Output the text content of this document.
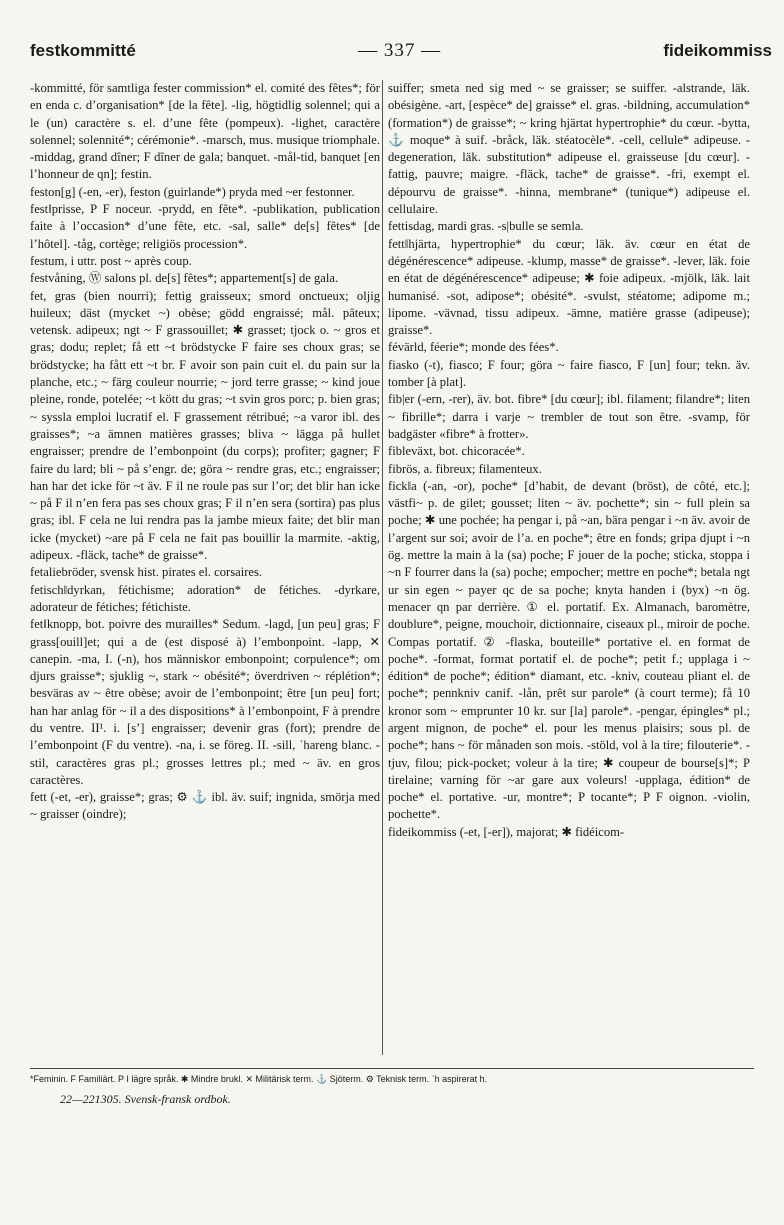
festkommitté	— 337 —	fideikommiss

-kommitté, för samtliga fester commission* el. comité des fêtes*; för en enda c. d’organisation* [de la fête]. -lig, högtidlig solennel; qui a le (un) caractère s. el. d’une fête (pompeux). -lighet, caractère solennel; solennité*; cérémonie*. -marsch, mus. musique triomphale. -middag, grand dîner; F dîner de gala; banquet. -mål-tid, banquet [en l’honneur de qn]; festin.

feston[g] (-en, -er), feston (guirlande*) pryda med ~er festonner.

fest‖prisse, P F noceur. -prydd, en fête*. -publikation, publication faite à l’occasion* d’une fête, etc. -sal, salle* de[s] fêtes* [de l’hôtel]. -tåg, cortège; religiös procession*.

festum, i uttr. post ~ après coup.

festvåning, Ⓦ salons pl. de[s] fêtes*; appartement[s] de gala.

fet, gras (bien nourri); fettig graisseux; smord onctueux; oljig huileux; däst (mycket ~) obèse; gödd engraissé; mål. pâteux; vetensk. adipeux; ngt ~ F grassouillet; ✱ grasset; tjock o. ~ gros et gras; dodu; replet; få ett ~t brödstycke F faire ses choux gras; se brödstycke; ha fått ett ~t br. F avoir son pain cuit el. du pain sur la planche, etc.; ~ färg couleur nourrie; ~ jord terre grasse; ~ kind joue pleine, ronde, potelée; ~t kött du gras; ~t svin gros porc; p. bien gras; ~ syssla emploi lucratif el. F grassement rétribué; ~a varor ibl. des graisses*; ~a ämnen matières grasses; bliva ~ lägga på hullet engraisser; prendre de l’embonpoint (du corps); profiter; gagner; F faire du lard; bli ~ på s’engr. de; göra ~ rendre gras, etc.; engraisser; han har det icke för ~t äv. F il ne roule pas sur l’or; det blir han icke ~ på F il n’en fera pas ses choux gras; F il n’en sera (sortira) pas plus gras; ibl. F cela ne lui rendra pas la jambe mieux faite; det blir man icke (mycket) ~are på F cela ne fait pas bouillir la marmite. -aktig, adipeux. -fläck, tache* de graisse*.

fetaliebröder, svensk hist. pirates el. corsaires.

fetisch‖dyrkan, fétichisme; adoration* de fétiches. -dyrkare, adorateur de fétiches; fétichiste.

fet‖knopp, bot. poivre des murailles* Sedum. -lagd, [un peu] gras; F grass[ouill]et; qui a de (est disposé à) l’embonpoint. -lapp, ✕ canepin. -ma, I. (-n), hos människor embonpoint; corpulence*; om djurs graisse*; sjuklig ~, stark ~ obésité*; överdriven ~ réplétion*; besväras av ~ être obèse; avoir de l’embonpoint; être [un peu] fort; han har anlag för ~ il a des dispositions* à l’embonpoint, F à prendre du ventre. II¹. i. [s’] engraisser; devenir gras (fort); prendre de l’embonpoint (F du ventre). -na, i. se föreg. II. -sill, ʿhareng blanc. -stil, caractères gras pl.; grosses lettres pl.; med ~ äv. en gros caractères.

fett (-et, -er), graisse*; gras; ⚙ ⚓ ibl. äv. suif; ingnida, smörja med ~ graisser (oindre);

suiffer; smeta ned sig med ~ se graisser; se suiffer. -alstrande, läk. obésigène. -art, [espèce* de] graisse* el. gras. -bildning, accumulation* (formation*) de graisse*; ~ kring hjärtat hypertrophie* du cœur. -bytta, ⚓ moque* à suif. -bråck, läk. stéatocèle*. -cell, cellule* adipeuse. -degeneration, läk. substitution* adipeuse el. graisseuse [du cœur]. -fattig, pauvre; maigre. -fläck, tache* de graisse*. -fri, exempt el. dépourvu de graisse*. -hinna, membrane* (tunique*) adipeuse el. cellulaire.

fettisdag, mardi gras. -s|bulle se semla.

fett‖hjärta, hypertrophie* du cœur; läk. äv. cœur en état de dégénérescence* adipeuse. -klump, masse* de graisse*. -lever, läk. foie en état de dégénérescence* adipeuse; ✱ foie adipeux. -mjölk, läk. lait humanisé. -sot, adipose*; obésité*. -svulst, stéatome; adipome m.; lipome. -vävnad, tissu adipeux. -ämne, matière grasse (adipeuse); graisse*.

févärld, féerie*; monde des fées*.

fiasko (-t), fiasco; F four; göra ~ faire fiasco, F [un] four; tekn. äv. tomber [à plat].

fib|er (-ern, -rer), äv. bot. fibre* [du cœur]; ibl. filament; filandre*; liten ~ fibrille*; darra i varje ~ trembler de tout son être. -svamp, för badgäster «fibre* à frotter».

fibleväxt, bot. chicoracée*.

fibrös, a. fibreux; filamenteux.

fick‖a (-an, -or), poche* [d’habit, de devant (bröst), de côté, etc.]; västfi~ p. de gilet; gousset; liten ~ äv. pochette*; sin ~ full plein sa poche; ✱ une pochée; ha pengar i, på ~an, bära pengar i ~n äv. avoir de l’argent sur soi; avoir de l’a. en poche*; être en fonds; gripa djupt i ~n ög. mettre la main à la (sa) poche; F jouer de la poche; sticka, stoppa i ~n F fourrer dans la (sa) poche; empocher; mettre en poche*; betala ngt ur sin egen ~ payer qc de sa poche; knyta handen i (byx) ~n ög. menacer qn par derrière. ① el. portatif. Ex. Almanach, baromètre, doublure*, peigne, mouchoir, dictionnaire, ciseaux pl., miroir de poche. Compas portatif. ② -flaska, bouteille* portative el. en format de poche*. -format, format portatif el. de poche*; petit f.; upplaga i ~ édition* de poche*; édition* diamant, etc. -kniv, couteau pliant el. de poche*; pennkniv canif. -lån, prêt sur parole* (à court terme); få 10 kronor som ~ emprunter 10 kr. sur [la] parole*. -pengar, épingles* pl.; argent mignon, de poche* el. pour les menus plaisirs; sous pl. de poche*; hans ~ för månaden son mois. -stöld, vol à la tire; filouterie*. -tjuv, filou; pick-pocket; voleur à la tire; ✱ coupeur de bourse[s]*; P tirelaine; varning för ~ar gare aux voleurs! -upplaga, édition* de poche* el. portative. -ur, montre*; P tocante*; P F oignon. -violin, pochette*.

fideikommiss (-et, [-er]), majorat; ✱ fidéicom-

*Feminin. F Familiärt. P I lägre språk. ✱ Mindre brukl. ✕ Militärisk term. ⚓ Sjöterm. ⚙ Teknisk term. ʿh aspirerat h.
22—221305. Svensk-fransk ordbok.
